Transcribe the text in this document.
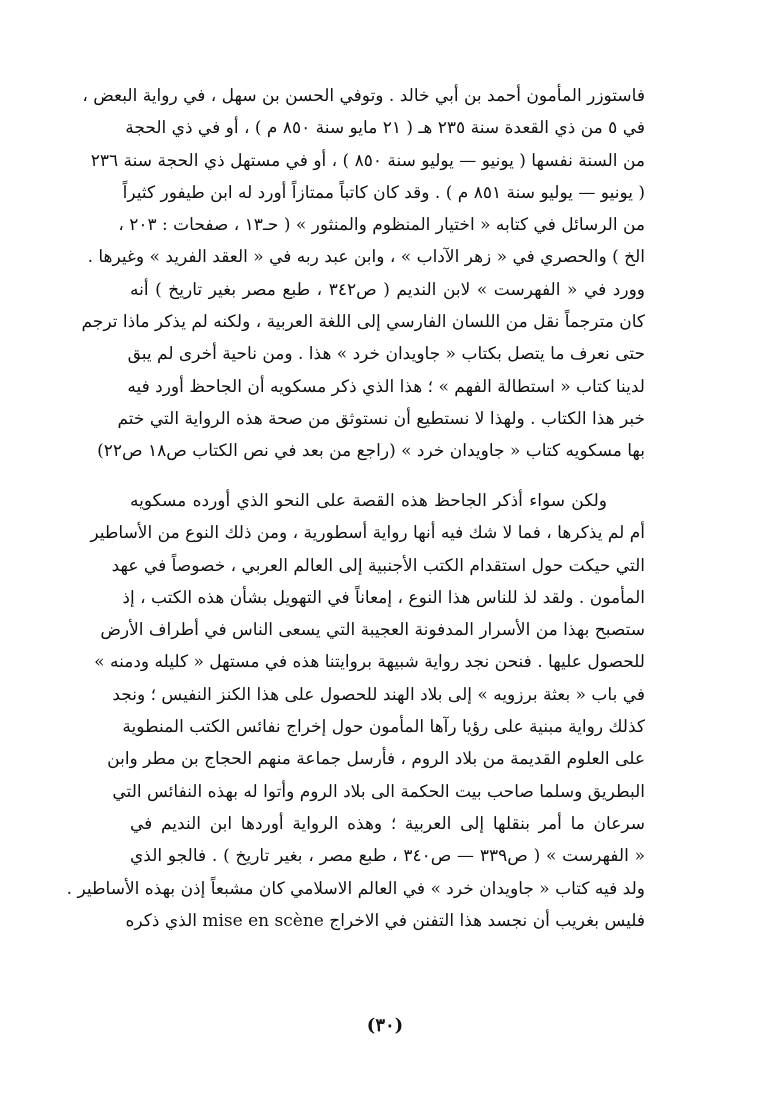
فاستوزر المأمون أحمد بن أبي خالد . وتوفي الحسن بن سهل ، في رواية البعض ،
في ٥ من ذي القعدة سنة ٢٣٥ هـ ( ٢١ مايو سنة ٨٥٠ م ) ، أو في ذي الحجة
من السنة نفسها ( يونيو — يوليو سنة ٨٥٠ ) ، أو في مستهل ذي الحجة سنة ٢٣٦
( يونيو — يوليو سنة ٨٥١ م ) . وقد كان كاتباً ممتازاً أورد له ابن طيفور كثيراً
من الرسائل في كتابه « اختيار المنظوم والمنثور » ( حـ١٣ ، صفحات : ٢٠٣ ،
الخ ) والحصري في « زهر الآداب » ، وابن عبد ربه في « العقد الفريد » وغيرها .
وورد في « الفهرست » لابن النديم ( ص٣٤٢ ، طبع مصر بغير تاريخ ) أنه
كان مترجماً نقل من اللسان الفارسي إلى اللغة العربية ، ولكنه لم يذكر ماذا ترجم
حتى نعرف ما يتصل بكتاب « جاويدان خرد » هذا . ومن ناحية أخرى لم يبق
لدينا كتاب « استطالة الفهم » ؛ هذا الذي ذكر مسكويه أن الجاحظ أورد فيه
خبر هذا الكتاب . ولهذا لا نستطيع أن نستوثق من صحة هذه الرواية التي ختم
بها مسكويه كتاب « جاويدان خرد » (راجع من بعد في نص الكتاب ص١٨ ص٢٢)

ولكن سواء أذكر الجاحظ هذه القصة على النحو الذي أورده مسكويه
أم لم يذكرها ، فما لا شك فيه أنها رواية أسطورية ، ومن ذلك النوع من الأساطير
التي حيكت حول استقدام الكتب الأجنبية إلى العالم العربي ، خصوصاً في عهد
المأمون . ولقد لذ للناس هذا النوع ، إمعاناً في التهويل بشأن هذه الكتب ، إذ
ستصبح بهذا من الأسرار المدفونة العجيبة التي يسعى الناس في أطراف الأرض
للحصول عليها . فنحن نجد رواية شبيهة بروايتنا هذه في مستهل « كليله ودمنه »
في باب « بعثة برزويه » إلى بلاد الهند للحصول على هذا الكنز النفيس ؛ ونجد
كذلك رواية مبنية على رؤيا رآها المأمون حول إخراج نفائس الكتب المنطوية
على العلوم القديمة من بلاد الروم ، فأرسل جماعة منهم الحجاج بن مطر وابن
البطريق وسلما صاحب بيت الحكمة الى بلاد الروم وأتوا له بهذه النفائس التي
سرعان ما أمر بنقلها إلى العربية ؛ وهذه الرواية أوردها ابن النديم في
« الفهرست » ( ص٣٣٩ — ص٣٤٠ ، طبع مصر ، بغير تاريخ ) . فالجو الذي
ولد فيه كتاب « جاويدان خرد » في العالم الاسلامي كان مشبعاً إذن بهذه الأساطير .
فليس بغريب أن نجسد هذا التفنن في الاخراج mise en scène الذي ذكره

(٣٠)
